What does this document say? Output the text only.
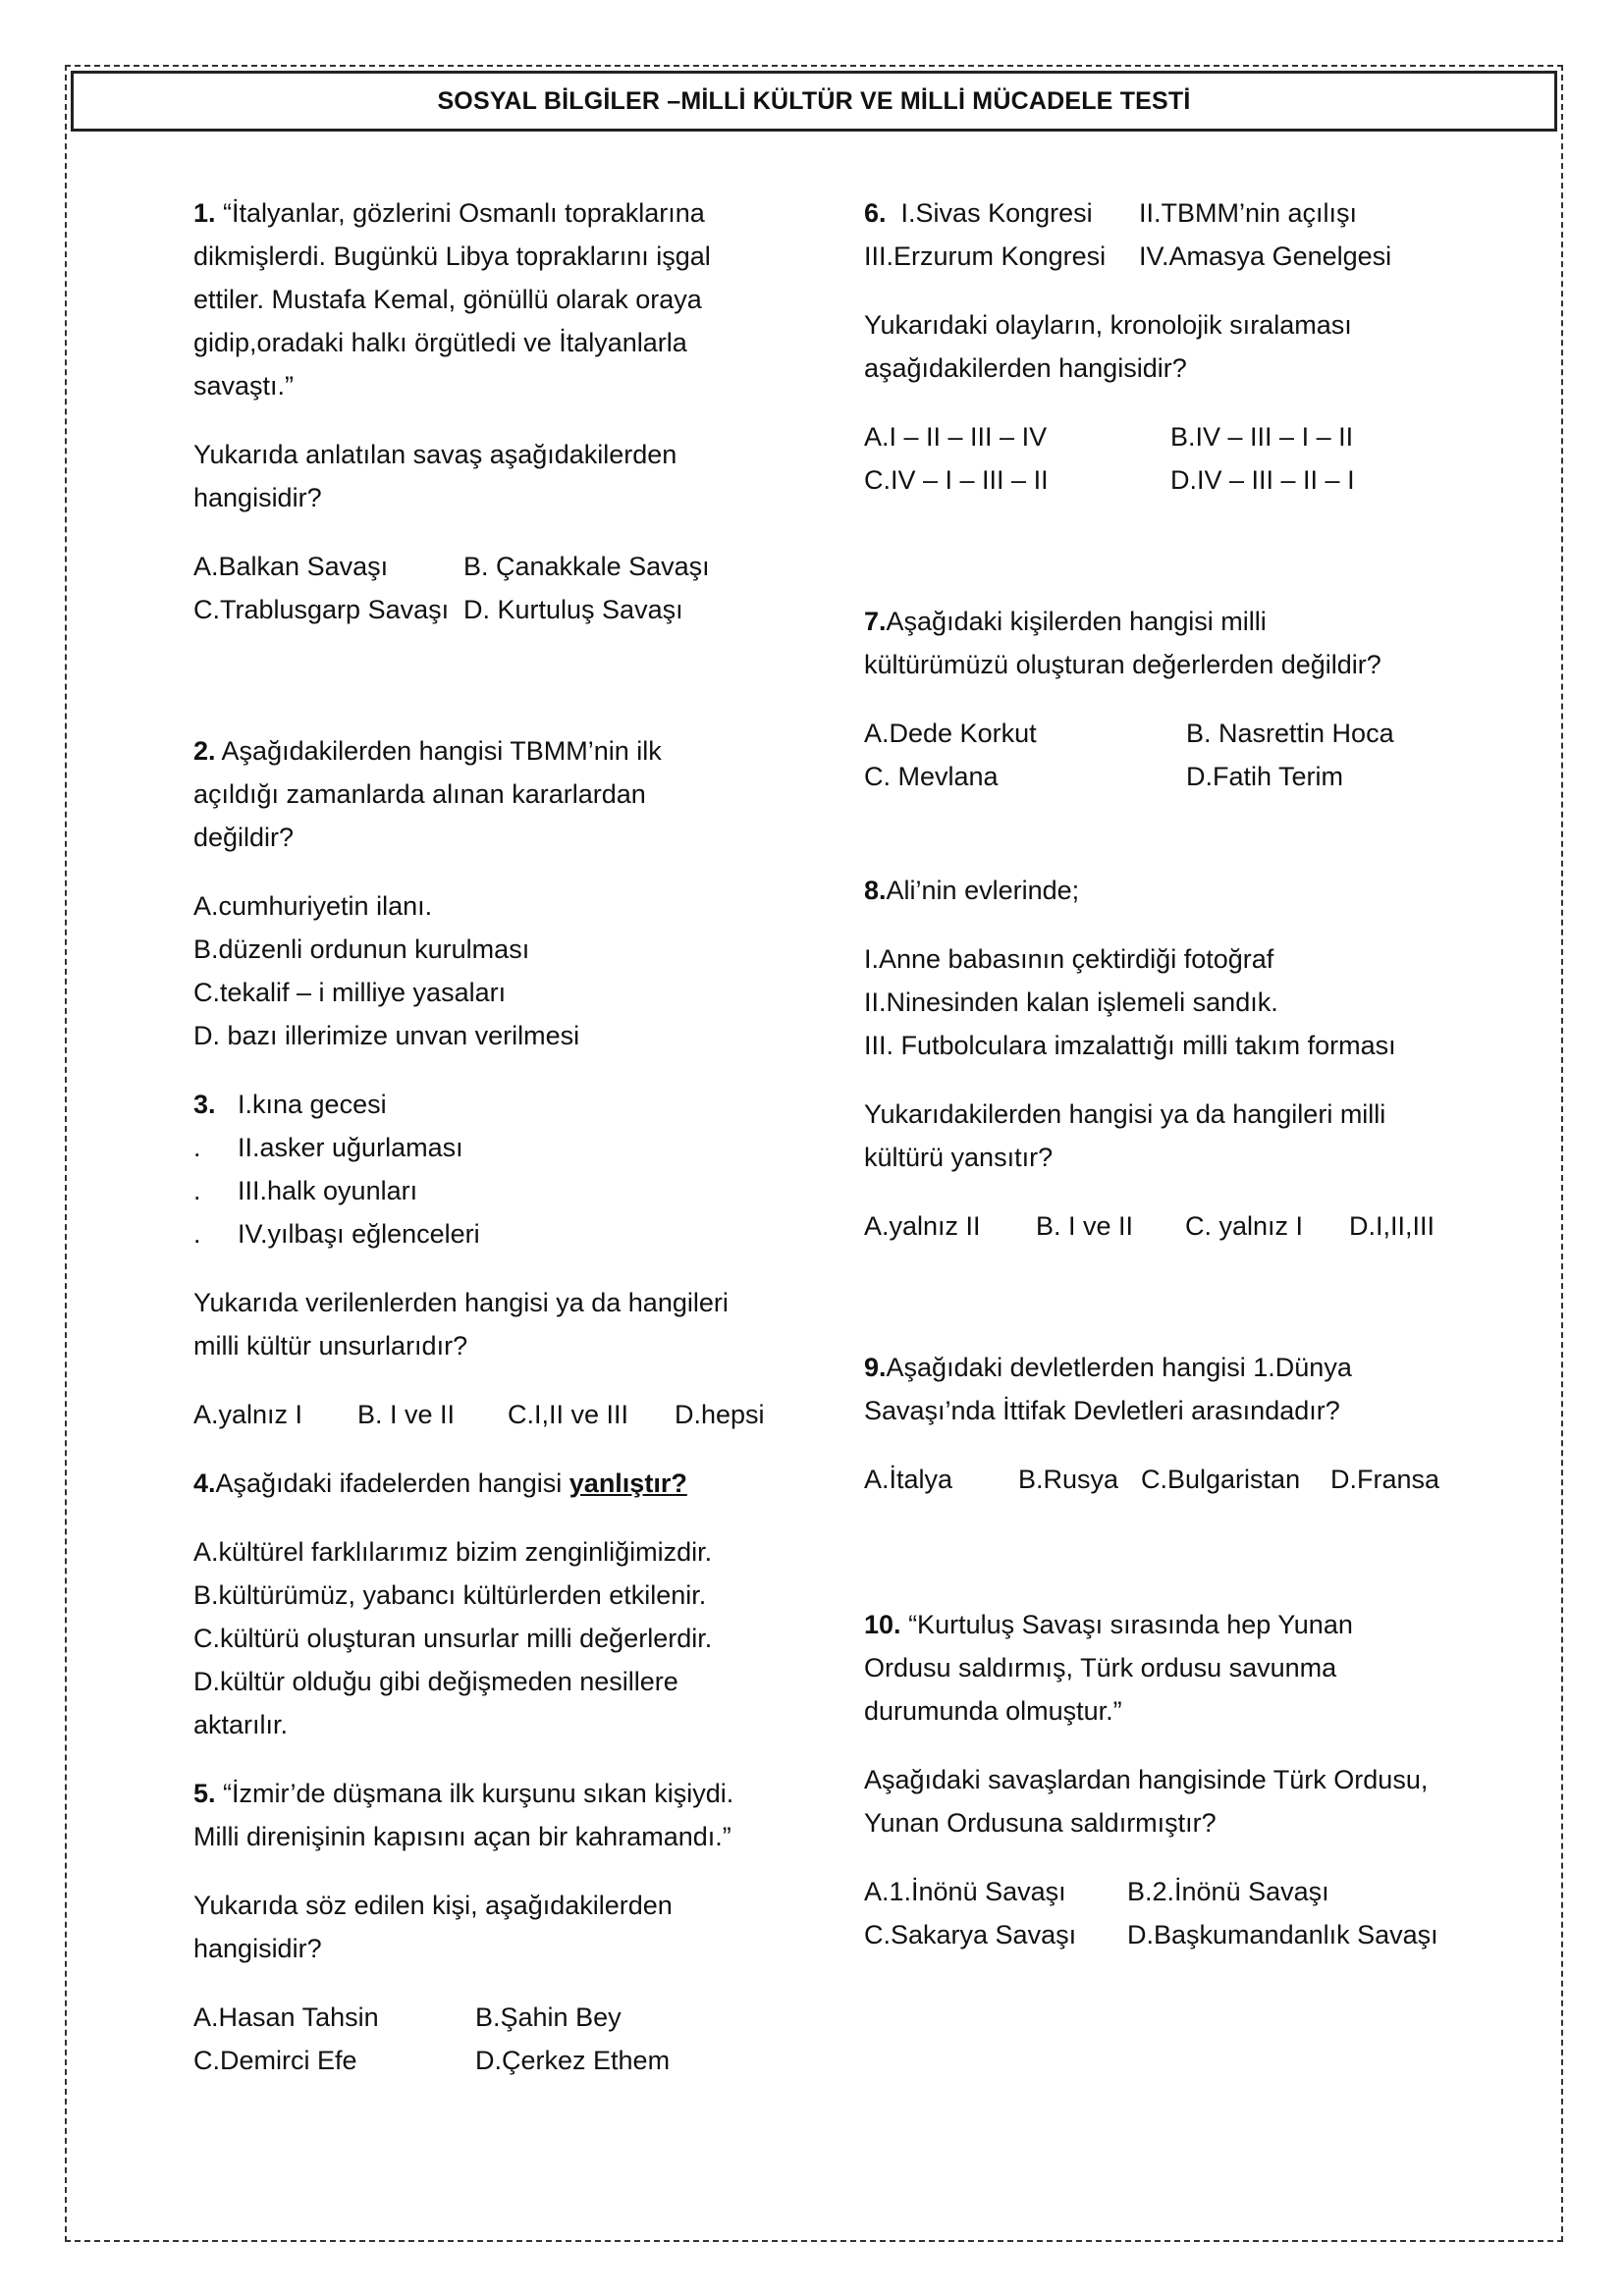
SOSYAL BİLGİLER –MİLLİ KÜLTÜR VE MİLLİ MÜCADELE TESTİ
1. “İtalyanlar, gözlerini Osmanlı topraklarına
dikmişlerdi. Bugünkü Libya topraklarını işgal
ettiler. Mustafa Kemal, gönüllü olarak oraya
gidip,oradaki halkı örgütledi ve İtalyanlarla
savaştı.”
Yukarıda anlatılan savaş aşağıdakilerden
hangisidir?
A.Balkan Savaşı	B. Çanakkale Savaşı
C.Trablusgarp Savaşı D. Kurtuluş Savaşı
2. Aşağıdakilerden hangisi TBMM’nin ilk
açıldığı zamanlarda alınan kararlardan
değildir?
A.cumhuriyetin ilanı.
B.düzenli ordunun kurulması
C.tekalif – i milliye yasaları
D. bazı illerimize unvan verilmesi
3. I.kına gecesi
.	II.asker uğurlaması
.	III.halk oyunları
.	IV.yılbaşı eğlenceleri
Yukarıda verilenlerden hangisi ya da hangileri
milli kültür unsurlarıdır?
A.yalnız I	B. I ve II	C.I,II ve III	D.hepsi
4.Aşağıdaki ifadelerden hangisi yanlıştır?
A.kültürel farklılarımız bizim zenginliğimizdir.
B.kültürümüz, yabancı kültürlerden etkilenir.
C.kültürü oluşturan unsurlar milli değerlerdir.
D.kültür olduğu gibi değişmeden nesillere
aktarılır.
5. “İzmir’de düşmana ilk kurşunu sıkan kişiydi.
Milli direnişinin kapısını açan bir kahramandı.”
Yukarıda söz edilen kişi, aşağıdakilerden
hangisidir?
A.Hasan Tahsin	B.Şahin Bey
C.Demirci Efe	D.Çerkez Ethem
6. I.Sivas Kongresi	II.TBMM’nin açılışı
III.Erzurum Kongresi	IV.Amasya Genelgesi
Yukarıdaki olayların, kronolojik sıralaması
aşağıdakilerden hangisidir?
A.I – II – III – IV	B.IV – III – I – II
C.IV – I – III – II	D.IV – III – II – I
7.Aşağıdaki kişilerden hangisi milli
kültürümüzü oluşturan değerlerden değildir?
A.Dede Korkut	B. Nasrettin Hoca
C. Mevlana	D.Fatih Terim
8.Ali’nin evlerinde;
I.Anne babasının çektirdiği fotoğraf
II.Ninesinden kalan işlemeli sandık.
III. Futbolculara imzalattığı milli takım forması
Yukarıdakilerden hangisi ya da hangileri milli
kültürü yansıtır?
A.yalnız II	B. I ve II	C. yalnız I	D.I,II,III
9.Aşağıdaki devletlerden hangisi 1.Dünya
Savaşı’nda İttifak Devletleri arasındadır?
A.İtalya	B.Rusya C.Bulgaristan	D.Fransa
10. “Kurtuluş Savaşı sırasında hep Yunan
Ordusu saldırmış, Türk ordusu savunma
durumunda olmuştur.”
Aşağıdaki savaşlardan hangisinde Türk Ordusu,
Yunan Ordusuna saldırmıştır?
A.1.İnönü Savaşı	B.2.İnönü Savaşı
C.Sakarya Savaşı	D.Başkumandanlık Savaşı
